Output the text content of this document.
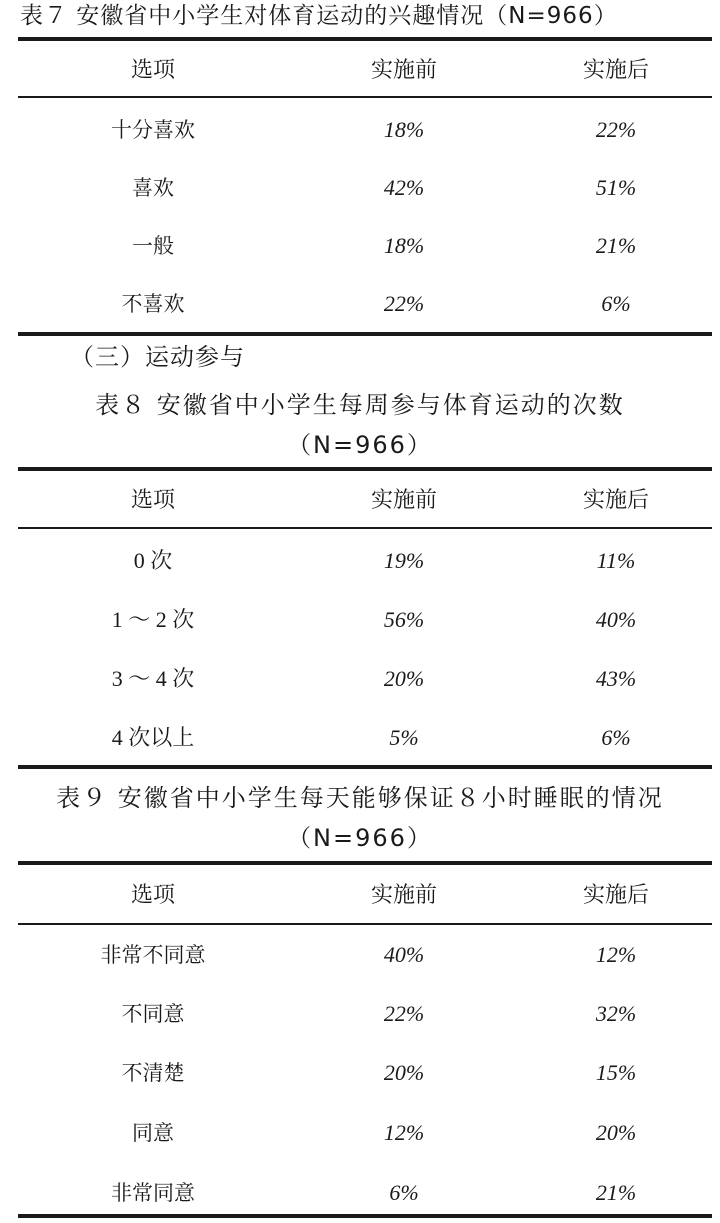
表７ 安徽省中小学生对体育运动的兴趣情况（N=966）
选项	实施前	实施后
十分喜欢	18%	22%
喜欢	42%	51%
一般	18%	21%
不喜欢	22%	6%
（三）运动参与
表８ 安徽省中小学生每周参与体育运动的次数
（N=966）
选项	实施前	实施后
0 次	19%	11%
1 ～ 2 次	56%	40%
3 ～ 4 次	20%	43%
4 次以上	5%	6%
表９ 安徽省中小学生每天能够保证８小时睡眠的情况
（N=966）
选项	实施前	实施后
非常不同意	40%	12%
不同意	22%	32%
不清楚	20%	15%
同意	12%	20%
非常同意	6%	21%
